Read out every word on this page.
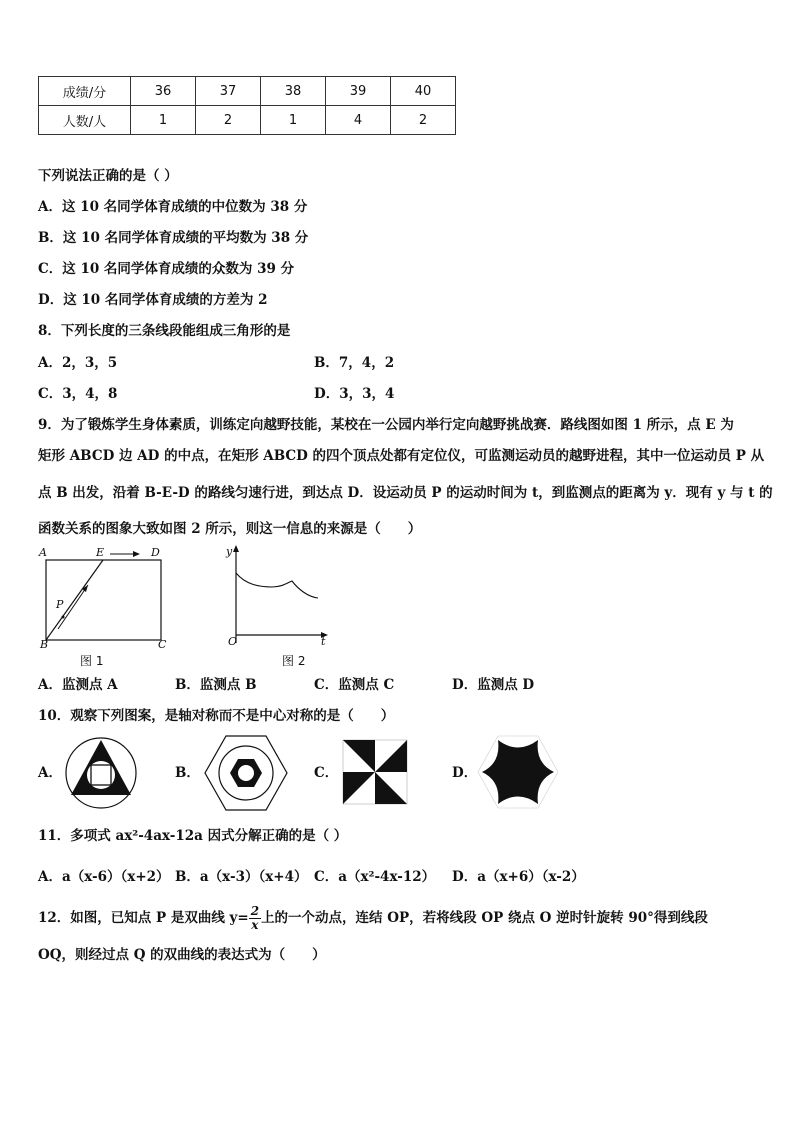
成绩/分	36	37	38	39	40
人数/人	1	2	1	4	2
下列说法正确的是（ ）
A．这 10 名同学体育成绩的中位数为 38 分
B．这 10 名同学体育成绩的平均数为 38 分
C．这 10 名同学体育成绩的众数为 39 分
D．这 10 名同学体育成绩的方差为 2
8．下列长度的三条线段能组成三角形的是
A．2，3，5	B．7，4，2
C．3，4，8	D．3，3，4
9．为了锻炼学生身体素质，训练定向越野技能，某校在一公园内举行定向越野挑战赛．路线图如图 1 所示，点 E 为
矩形 ABCD 边 AD 的中点，在矩形 ABCD 的四个顶点处都有定位仪，可监测运动员的越野进程，其中一位运动员 P 从
点 B 出发，沿着 B-E-D 的路线匀速行进，到达点 D．设运动员 P 的运动时间为 t，到监测点的距离为 y．现有 y 与 t 的
函数关系的图象大致如图 2 所示，则这一信息的来源是（　　）
A	E	D
B	C
P
图 1
y
O	t
图 2
A．监测点 A	B．监测点 B	C．监测点 C	D．监测点 D
10．观察下列图案，是轴对称而不是中心对称的是（　　）
A．	B．	C．	D．
11．多项式 ax²-4ax-12a 因式分解正确的是（ ）
A．a（x-6）（x+2） B．a（x-3）（x+4） C．a（x²-4x-12） D．a（x+6）（x-2）
12．如图，已知点 P 是双曲线 $y= \frac{2}{x}$ 上的一个动点，连结 OP，若将线段 OP 绕点 O 逆时针旋转 90°得到线段
OQ，则经过点 Q 的双曲线的表达式为（　　）
